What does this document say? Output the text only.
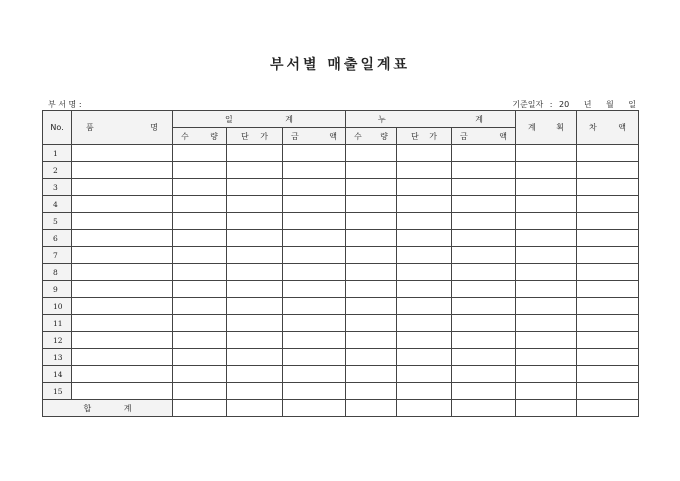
부서별 매출일계표
부 서 명 :	기준일자 : 20　 년 　월 　일
No.	품 명	일 계			누 계			계 획	차 액

		수 량	단 가	금 액	수 량	단 가	금 액		

1									
2									
3									
4									
5									
6									
7									
8									
9									
10									
11									
12									
13									
14									
15									
합 계									
